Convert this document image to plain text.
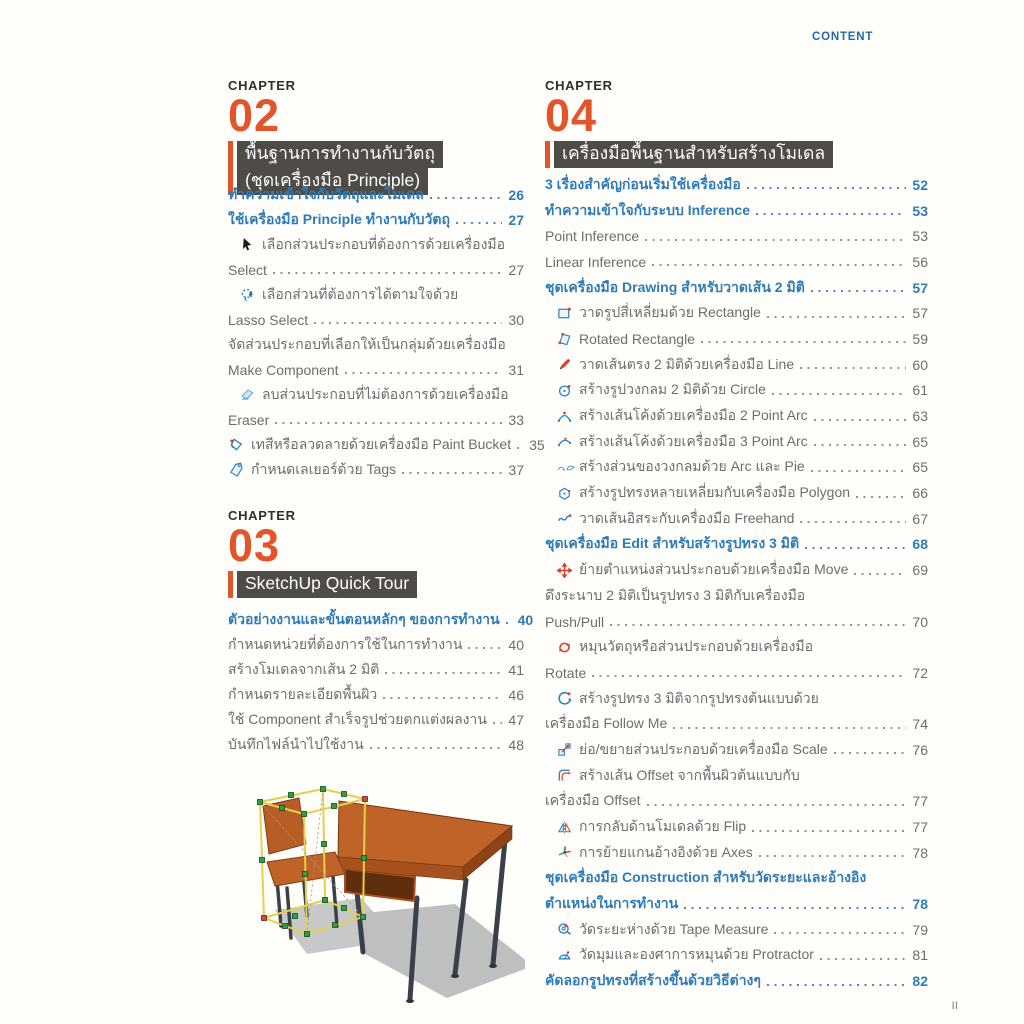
CONTENT
CHAPTER
02
พื้นฐานการทำงานกับวัตถุ
(ชุดเครื่องมือ Principle)
ทำความเข้าใจกับวัตถุและโมเดล	26
ใช้เครื่องมือ Principle ทำงานกับวัตถุ	27
เลือกส่วนประกอบที่ต้องการด้วยเครื่องมือ
Select	27
เลือกส่วนที่ต้องการได้ตามใจด้วย
Lasso Select	30
จัดส่วนประกอบที่เลือกให้เป็นกลุ่มด้วยเครื่องมือ
Make Component	31
ลบส่วนประกอบที่ไม่ต้องการด้วยเครื่องมือ
Eraser	33
เทสีหรือลวดลายด้วยเครื่องมือ Paint Bucket 35
กำหนดเลเยอร์ด้วย Tags	37
CHAPTER
03
SketchUp Quick Tour
ตัวอย่างงานและขั้นตอนหลักๆ ของการทำงาน 40
กำหนดหน่วยที่ต้องการใช้ในการทำงาน	40
สร้างโมเดลจากเส้น 2 มิติ	41
กำหนดรายละเอียดพื้นผิว	46
ใช้ Component สำเร็จรูปช่วยตกแต่งผลงาน 47
บันทึกไฟล์นำไปใช้งาน	48
CHAPTER
04
เครื่องมือพื้นฐานสำหรับสร้างโมเดล
3 เรื่องสำคัญก่อนเริ่มใช้เครื่องมือ	52
ทำความเข้าใจกับระบบ Inference	53
Point Inference	53
Linear Inference	56
ชุดเครื่องมือ Drawing สำหรับวาดเส้น 2 มิติ	57
วาดรูปสี่เหลี่ยมด้วย Rectangle	57
Rotated Rectangle	59
วาดเส้นตรง 2 มิติด้วยเครื่องมือ Line	60
สร้างรูปวงกลม 2 มิติด้วย Circle	61
สร้างเส้นโค้งด้วยเครื่องมือ 2 Point Arc	63
สร้างเส้นโค้งด้วยเครื่องมือ 3 Point Arc	65
สร้างส่วนของวงกลมด้วย Arc และ Pie	65
สร้างรูปทรงหลายเหลี่ยมกับเครื่องมือ Polygon	66
วาดเส้นอิสระกับเครื่องมือ Freehand	67
ชุดเครื่องมือ Edit สำหรับสร้างรูปทรง 3 มิติ	68
ย้ายตำแหน่งส่วนประกอบด้วยเครื่องมือ Move	69
ดึงระนาบ 2 มิติเป็นรูปทรง 3 มิติกับเครื่องมือ
Push/Pull	70
หมุนวัตถุหรือส่วนประกอบด้วยเครื่องมือ
Rotate	72
สร้างรูปทรง 3 มิติจากรูปทรงต้นแบบด้วย
เครื่องมือ Follow Me	74
ย่อ/ขยายส่วนประกอบด้วยเครื่องมือ Scale	76
สร้างเส้น Offset จากพื้นผิวต้นแบบกับ
เครื่องมือ Offset	77
การกลับด้านโมเดลด้วย Flip	77
การย้ายแกนอ้างอิงด้วย Axes	78
ชุดเครื่องมือ Construction สำหรับวัดระยะและอ้างอิง
ตำแหน่งในการทำงาน	78
วัดระยะห่างด้วย Tape Measure	79
วัดมุมและองศาการหมุนด้วย Protractor	81
คัดลอกรูปทรงที่สร้างขึ้นด้วยวิธีต่างๆ	82
ll
